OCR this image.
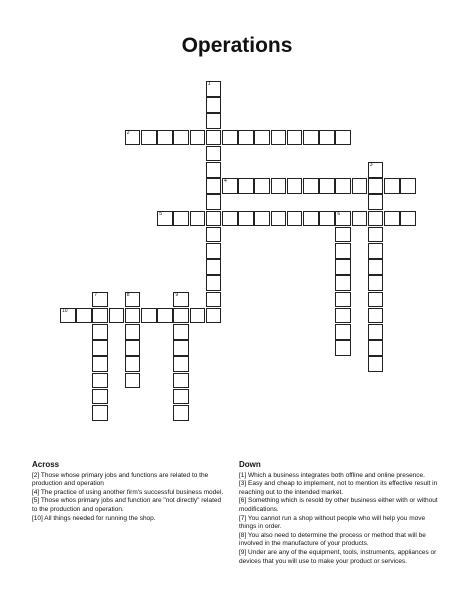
Operations
1
2
3
4
5	6
7	8	9
10
Across
[2] Those whose primary jobs and functions are related to the production and operation
[4] The practice of using another firm's successful business model.
[5] Those whos primary jobs and function are "not directly" related to the production and operation.
[10] All things needed for running the shop.
Down
[1] Which a business integrates both offline and online presence.
[3] Easy and cheap to implement, not to mention its effective result in reaching out to the intended market.
[6] Something which is resold by other business either with or without modifications.
[7] You cannot run a shop without people who will help you move things in order.
[8] You also need to determine the process or method that will be involved in the manufacture of your products.
[9] Under are any of the equipment, tools, instruments, appliances or devices that you will use to make your product or services.
